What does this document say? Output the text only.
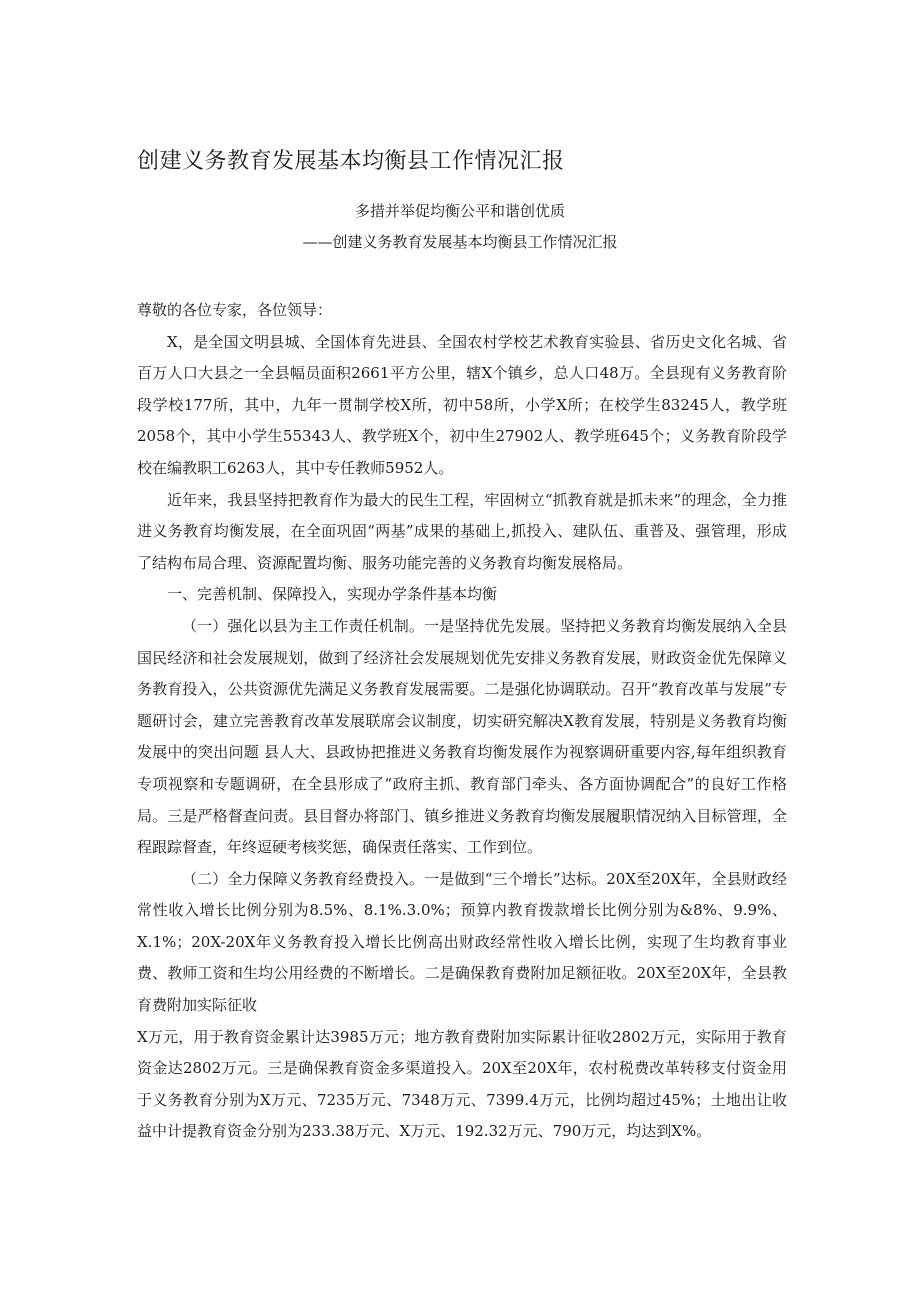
创建义务教育发展基本均衡县工作情况汇报
多措并举促均衡公平和谐创优质
——创建义务教育发展基本均衡县工作情况汇报

尊敬的各位专家，各位领导：

X，是全国文明县城、全国体育先进县、全国农村学校艺术教育实验县、省历史文化名城、省百万人口大县之一全县幅员面积2661平方公里，辖X个镇乡，总人口48万。全县现有义务教育阶段学校177所，其中，九年一贯制学校X所，初中58所，小学X所；在校学生83245人，教学班2058个，其中小学生55343人、教学班X个，初中生27902人、教学班645个；义务教育阶段学校在编教职工6263人，其中专任教师5952人。

近年来，我县坚持把教育作为最大的民生工程，牢固树立“抓教育就是抓未来”的理念，全力推进义务教育均衡发展，在全面巩固“两基”成果的基础上,抓投入、建队伍、重普及、强管理，形成了结构布局合理、资源配置均衡、服务功能完善的义务教育均衡发展格局。

一、完善机制、保障投入，实现办学条件基本均衡

（一）强化以县为主工作责任机制。一是坚持优先发展。坚持把义务教育均衡发展纳入全县国民经济和社会发展规划，做到了经济社会发展规划优先安排义务教育发展，财政资金优先保障义务教育投入，公共资源优先满足义务教育发展需要。二是强化协调联动。召开“教育改革与发展”专题研讨会，建立完善教育改革发展联席会议制度，切实研究解决X教育发展，特别是义务教育均衡发展中的突出问题 县人大、县政协把推进义务教育均衡发展作为视察调研重要内容,每年组织教育专项视察和专题调研，在全县形成了“政府主抓、教育部门牵头、各方面协调配合”的良好工作格局。三是严格督查问责。县目督办将部门、镇乡推进义务教育均衡发展履职情况纳入目标管理，全程跟踪督查，年终逗硬考核奖惩，确保责任落实、工作到位。

（二）全力保障义务教育经费投入。一是做到“三个增长”达标。20X至20X年，全县财政经常性收入增长比例分别为8.5%、8.1%.3.0%；预算内教育拨款增长比例分别为&8%、9.9%、X.1%；20X-20X年义务教育投入增长比例高出财政经常性收入增长比例，实现了生均教育事业费、教师工资和生均公用经费的不断增长。二是确保教育费附加足额征收。20X至20X年，全县教育费附加实际征收

X万元，用于教育资金累计达3985万元；地方教育费附加实际累计征收2802万元，实际用于教育资金达2802万元。三是确保教育资金多渠道投入。20X至20X年，农村税费改革转移支付资金用于义务教育分别为X万元、7235万元、7348万元、7399.4万元，比例均超过45%；土地出让收益中计提教育资金分别为233.38万元、X万元、192.32万元、790万元，均达到X%。
